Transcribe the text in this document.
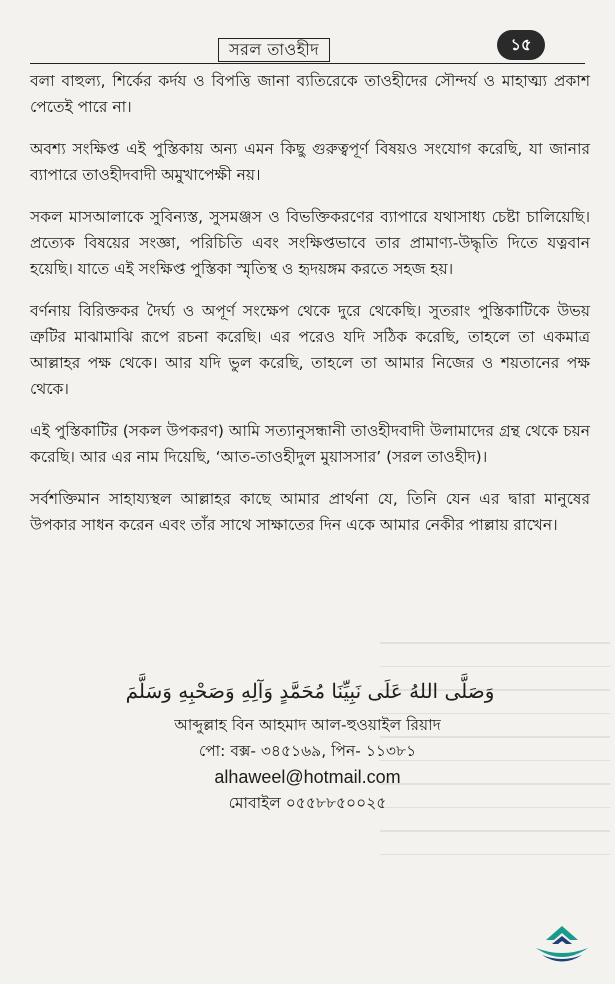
সরল তাওহীদ	১৫

বলা বাহুল্য, শির্কের কর্দয ও বিপত্তি জানা ব্যতিরেকে তাওহীদের সৌন্দর্য ও মাহাত্ম্য প্রকাশ পেতেই পারে না।

অবশ্য সংক্ষিপ্ত এই পুস্তিকায় অন্য এমন কিছু গুরুত্বপূর্ণ বিষয়ও সংযোগ করেছি, যা জানার ব্যাপারে তাওহীদবাদী অমুখাপেক্ষী নয়।

সকল মাসআলাকে সুবিন্যস্ত, সুসমঞ্জস ও বিভক্তিকরণের ব্যাপারে যথাসাধ্য চেষ্টা চালিয়েছি। প্রত্যেক বিষয়ের সংজ্ঞা, পরিচিতি এবং সংক্ষিপ্তভাবে তার প্রামাণ্য-উদ্ধৃতি দিতে যত্নবান হয়েছি। যাতে এই সংক্ষিপ্ত পুস্তিকা স্মৃতিস্থ ও হৃদয়ঙ্গম করতে সহজ হয়।

বর্ণনায় বিরিক্তকর দৈর্ঘ্য ও অপূর্ণ সংক্ষেপ থেকে দুরে থেকেছি। সুতরাং পুস্তিকাটিকে উভয় ত্রুটির মাঝামাঝি রূপে রচনা করেছি। এর পরেও যদি সঠিক করেছি, তাহলে তা একমাত্র আল্লাহর পক্ষ থেকে। আর যদি ভুল করেছি, তাহলে তা আমার নিজের ও শয়তানের পক্ষ থেকে।

এই পুস্তিকাটির (সকল উপকরণ) আমি সত্যানুসন্ধানী তাওহীদবাদী উলামাদের গ্রন্থ থেকে চয়ন করেছি। আর এর নাম দিয়েছি, ‘আত-তাওহীদুল মুয়াসসার’ (সরল তাওহীদ)।

সর্বশক্তিমান সাহায্যস্থল আল্লাহর কাছে আমার প্রার্থনা যে, তিনি যেন এর দ্বারা মানুষের উপকার সাধন করেন এবং তাঁর সাথে সাক্ষাতের দিন একে আমার নেকীর পাল্লায় রাখেন।

وَصَلَّى اللهُ عَلَى نَبِيِّنَا مُحَمَّدٍ وَآلِهِ وَصَحْبِهِ وَسَلَّمَ
আব্দুল্লাহ বিন আহমাদ আল-হুওয়াইল রিয়াদ
পো: বক্স- ৩৪৫১৬৯, পিন- ১১৩৮১
alhaweel@hotmail.com
মোবাইল ০৫৫৮৮৫০০২৫
